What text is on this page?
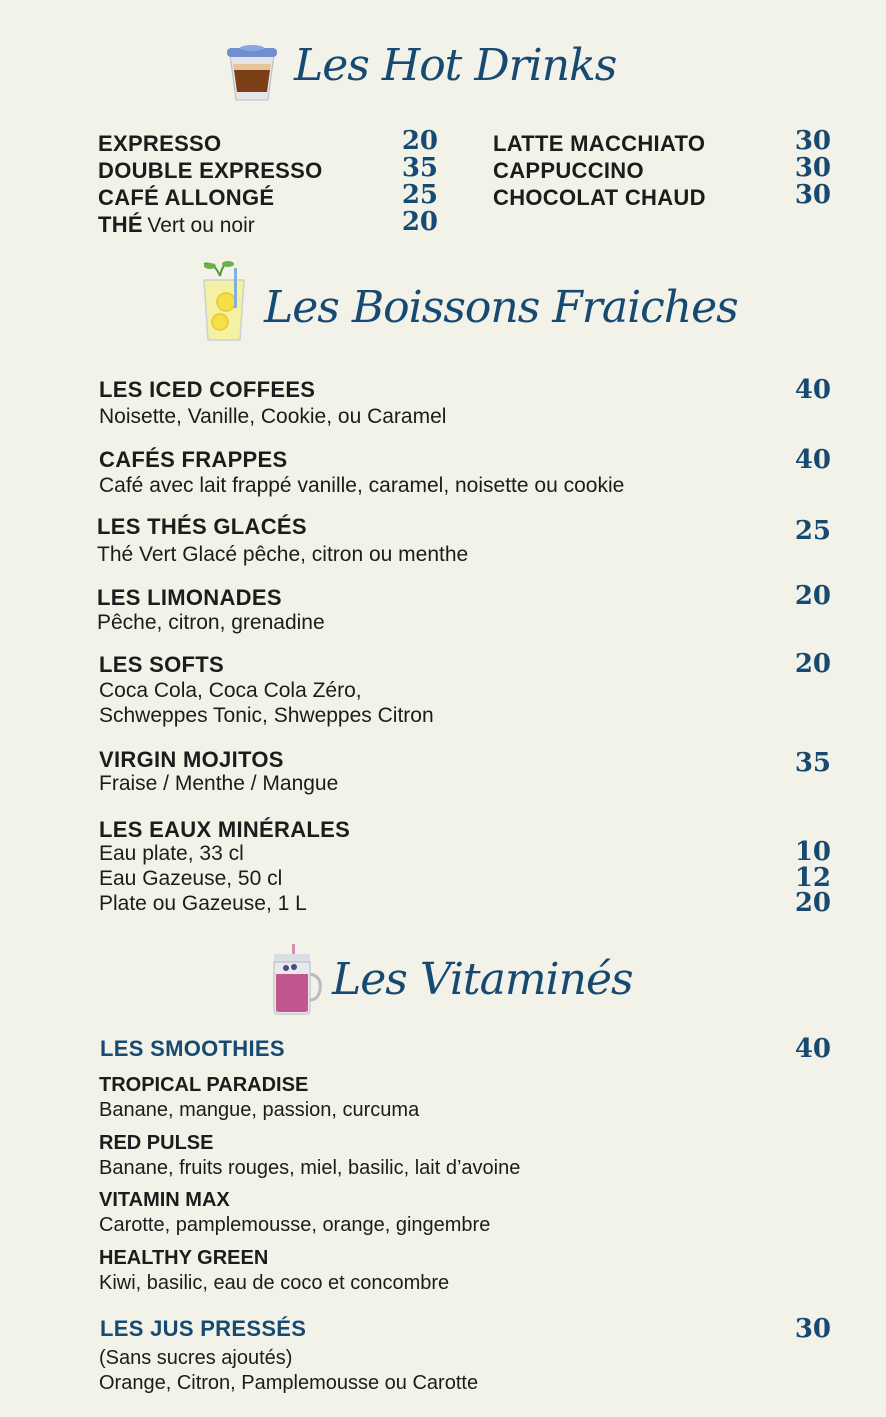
Les Hot Drinks
EXPRESSO	20
DOUBLE EXPRESSO	35
CAFÉ ALLONGÉ	25
THÉ Vert ou noir	20
LATTE MACCHIATO	30
CAPPUCCINO	30
CHOCOLAT CHAUD	30
Les Boissons Fraiches
LES ICED COFFEES
Noisette, Vanille, Cookie, ou Caramel
40
CAFÉS FRAPPES
Café avec lait frappé vanille, caramel, noisette ou cookie
40
LES THÉS GLACÉS
Thé Vert Glacé pêche, citron ou menthe
25
LES LIMONADES
Pêche, citron, grenadine
20
LES SOFTS
Coca Cola, Coca Cola Zéro,
Schweppes Tonic, Shweppes Citron
20
VIRGIN MOJITOS
Fraise / Menthe / Mangue
35
LES EAUX MINÉRALES
Eau plate, 33 cl	10
Eau Gazeuse, 50 cl	12
Plate ou Gazeuse, 1 L	20
Les Vitaminés
LES SMOOTHIES	40
TROPICAL PARADISE
Banane, mangue, passion, curcuma
RED PULSE
Banane, fruits rouges, miel, basilic, lait d’avoine
VITAMIN MAX
Carotte, pamplemousse, orange, gingembre
HEALTHY GREEN
Kiwi, basilic, eau de coco et concombre
LES JUS PRESSÉS	30
(Sans sucres ajoutés)
Orange, Citron, Pamplemousse ou Carotte
